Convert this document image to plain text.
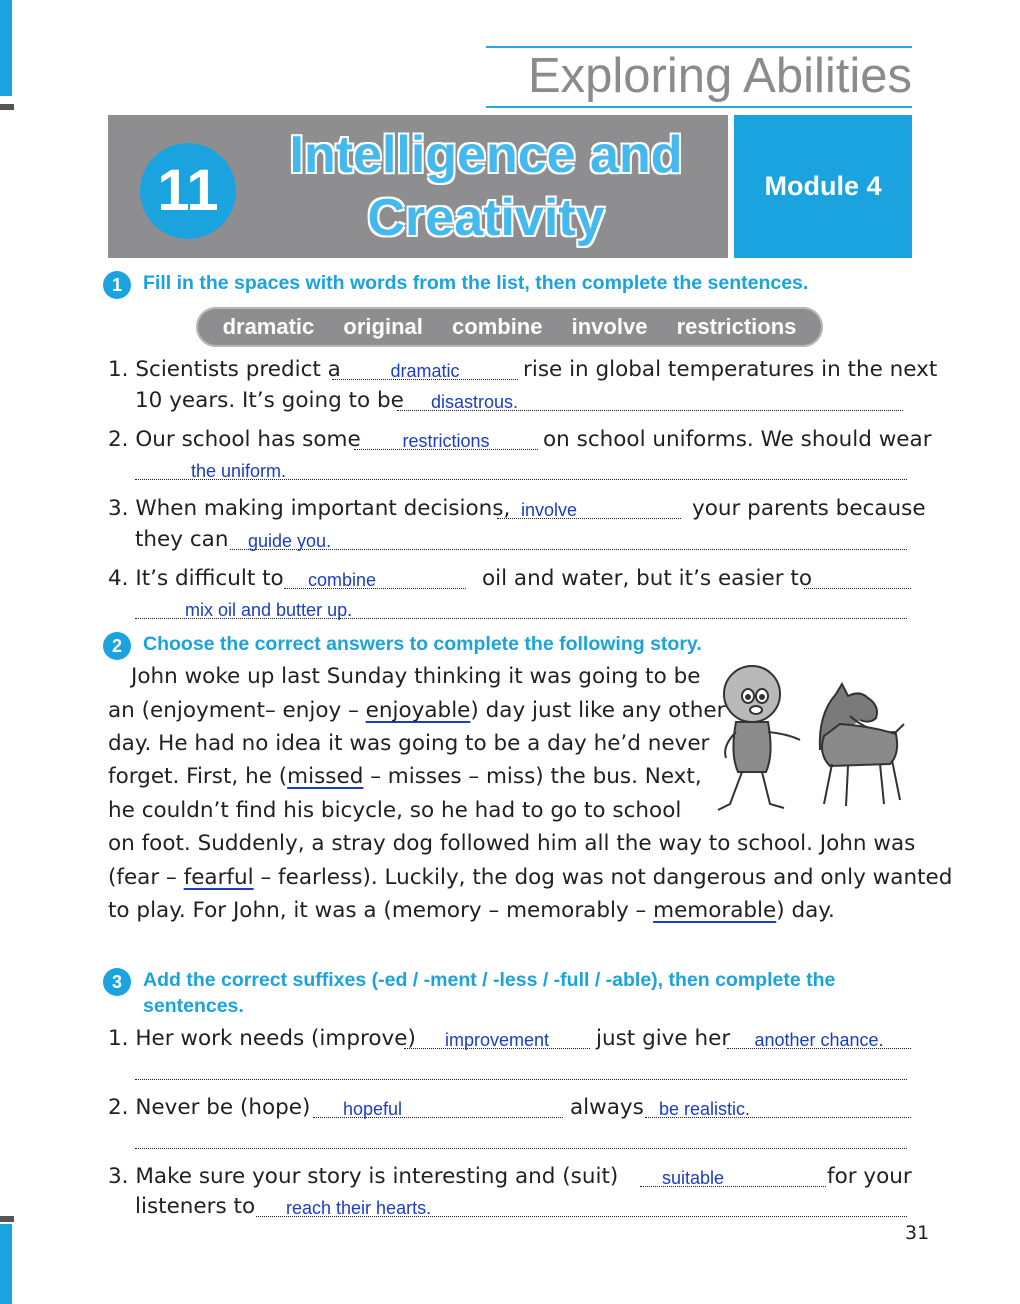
Exploring Abilities
11
Intelligence and
Creativity
Module 4
1	Fill in the spaces with words from the list, then complete the sentences.
dramatic original combine involve restrictions
1. Scientists predict a	dramatic	rise in global temperatures in the next
10 years. It’s going to be	disastrous.
2. Our school has some	restrictions	on school uniforms. We should wear
the uniform.
3. When making important decisions, involve	your parents because
they can	guide you.
4. It’s difficult to	combine	oil and water, but it’s easier to
mix oil and butter up.
2	Choose the correct answers to complete the following story.
John woke up last Sunday thinking it was going to be
an (enjoyment– enjoy – enjoyable) day just like any other
day. He had no idea it was going to be a day he’d never
forget. First, he (missed – misses – miss) the bus. Next,
he couldn’t find his bicycle, so he had to go to school
on foot. Suddenly, a stray dog followed him all the way to school. John was
(fear – fearful – fearless). Luckily, the dog was not dangerous and only wanted
to play. For John, it was a (memory – memorably – memorable) day.
3	Add the correct suffixes (-ed / -ment / -less / -full / -able), then complete the
sentences.
1. Her work needs (improve)	improvement	just give her	another chance.
2. Never be (hope)	hopeful	always be realistic.
3. Make sure your story is interesting and (suit)	suitable	for your
listeners to	reach their hearts.
31
